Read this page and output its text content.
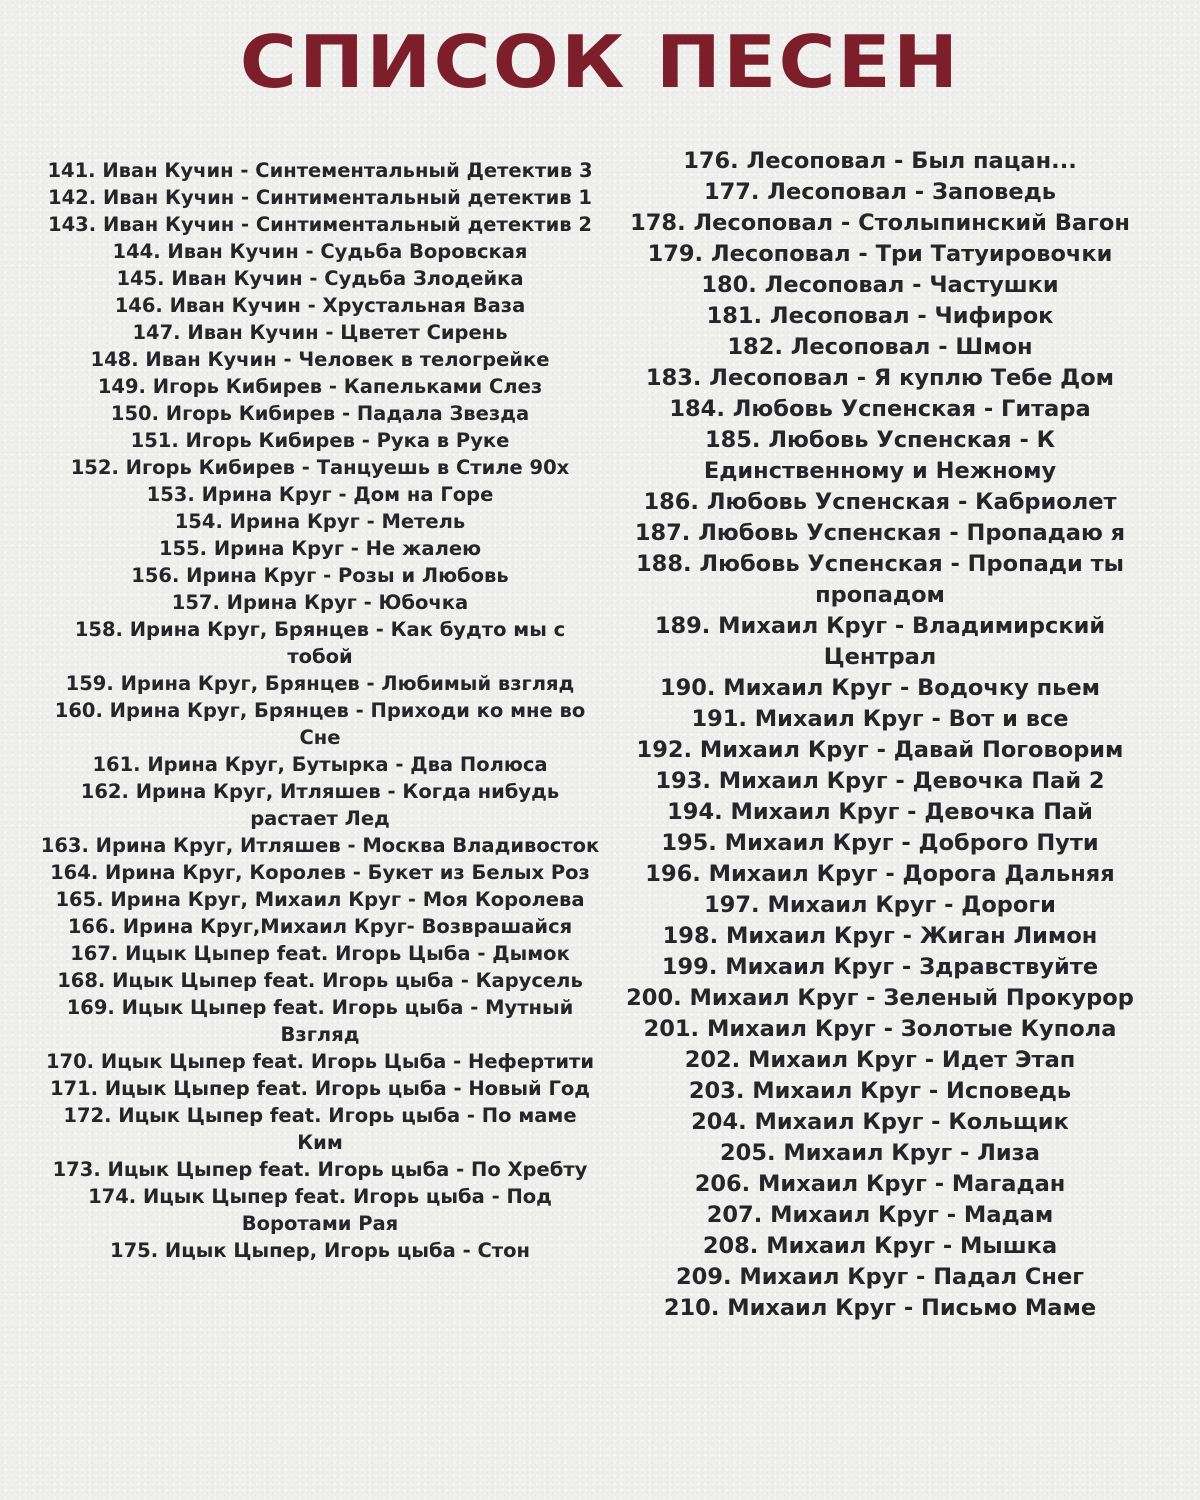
СПИСОК ПЕСЕН
141. Иван Кучин - Синтементальный Детектив 3
142. Иван Кучин - Синтиментальный детектив 1
143. Иван Кучин - Синтиментальный детектив 2
144. Иван Кучин - Судьба Воровская
145. Иван Кучин - Судьба Злодейка
146. Иван Кучин - Хрустальная Ваза
147. Иван Кучин - Цветет Сирень
148. Иван Кучин - Человек в телогрейке
149. Игорь Кибирев - Капельками Слез
150. Игорь Кибирев - Падала Звезда
151. Игорь Кибирев - Рука в Руке
152. Игорь Кибирев - Танцуешь в Стиле 90х
153. Ирина Круг - Дом на Горе
154. Ирина Круг - Метель
155. Ирина Круг - Не жалею
156. Ирина Круг - Розы и Любовь
157. Ирина Круг - Юбочка
158. Ирина Круг, Брянцев - Как будто мы с тобой
159. Ирина Круг, Брянцев - Любимый взгляд
160. Ирина Круг, Брянцев - Приходи ко мне во Сне
161. Ирина Круг, Бутырка - Два Полюса
162. Ирина Круг, Итляшев - Когда нибудь растает Лед
163. Ирина Круг, Итляшев - Москва Владивосток
164. Ирина Круг, Королев - Букет из Белых Роз
165. Ирина Круг, Михаил Круг - Моя Королева
166. Ирина Круг,Михаил Круг- Возврашайся
167. Ицык Цыпер feat. Игорь Цыба - Дымок
168. Ицык Цыпер feat. Игорь цыба - Карусель
169. Ицык Цыпер feat. Игорь цыба - Мутный Взгляд
170. Ицык Цыпер feat. Игорь Цыба - Нефертити
171. Ицык Цыпер feat. Игорь цыба - Новый Год
172. Ицык Цыпер feat. Игорь цыба - По маме Ким
173. Ицык Цыпер feat. Игорь цыба - По Хребту
174. Ицык Цыпер feat. Игорь цыба - Под Воротами Рая
175. Ицык Цыпер, Игорь цыба - Стон
176. Лесоповал - Был пацан...
177. Лесоповал - Заповедь
178. Лесоповал - Столыпинский Вагон
179. Лесоповал - Три Татуировочки
180. Лесоповал - Частушки
181. Лесоповал - Чифирок
182. Лесоповал - Шмон
183. Лесоповал - Я куплю Тебе Дом
184. Любовь Успенская - Гитара
185. Любовь Успенская - К Единственному и Нежному
186. Любовь Успенская - Кабриолет
187. Любовь Успенская - Пропадаю я
188. Любовь Успенская - Пропади ты пропадом
189. Михаил Круг - Владимирский Централ
190. Михаил Круг - Водочку пьем
191. Михаил Круг - Вот и все
192. Михаил Круг - Давай Поговорим
193. Михаил Круг - Девочка Пай 2
194. Михаил Круг - Девочка Пай
195. Михаил Круг - Доброго Пути
196. Михаил Круг - Дорога Дальняя
197. Михаил Круг - Дороги
198. Михаил Круг - Жиган Лимон
199. Михаил Круг - Здравствуйте
200. Михаил Круг - Зеленый Прокурор
201. Михаил Круг - Золотые Купола
202. Михаил Круг - Идет Этап
203. Михаил Круг - Исповедь
204. Михаил Круг - Кольщик
205. Михаил Круг - Лиза
206. Михаил Круг - Магадан
207. Михаил Круг - Мадам
208. Михаил Круг - Мышка
209. Михаил Круг - Падал Снег
210. Михаил Круг - Письмо Маме
